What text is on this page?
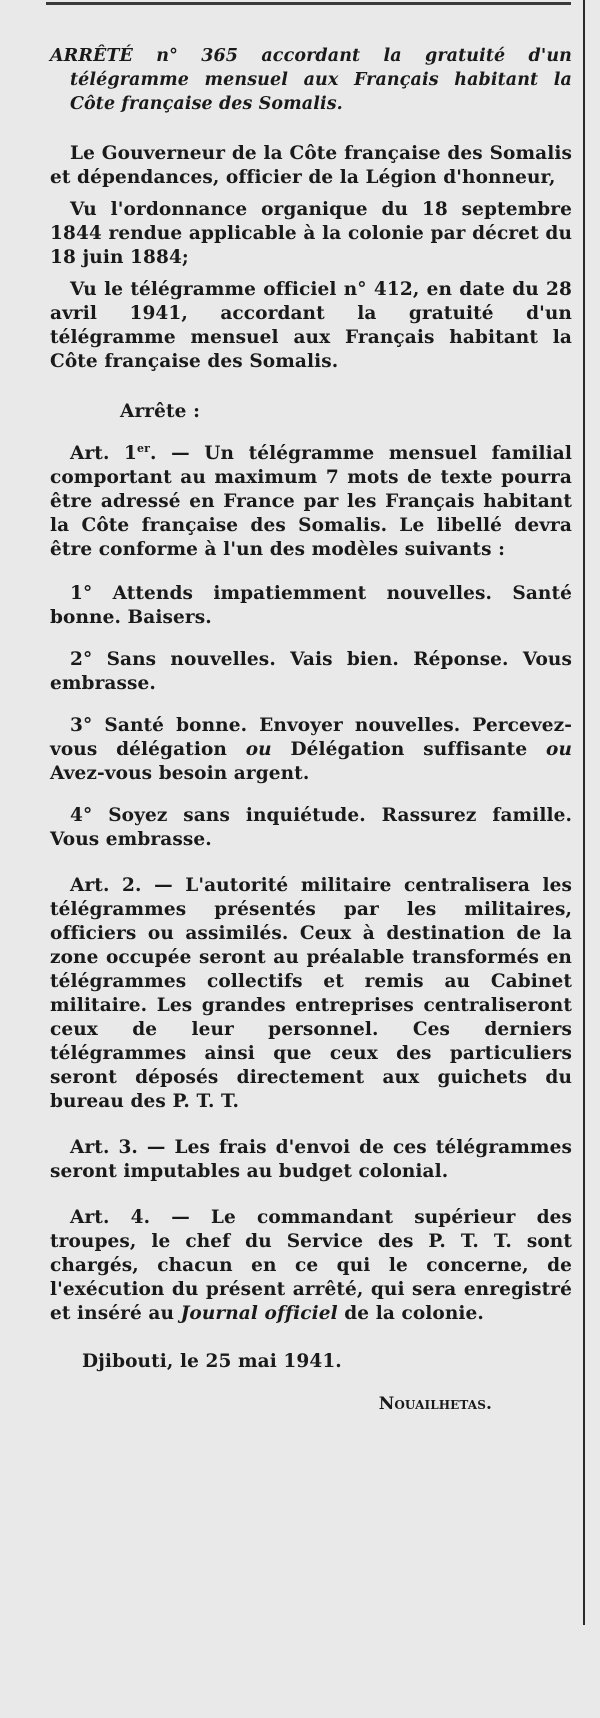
ARRÊTÉ n° 365 accordant la gratuité d'un télégramme mensuel aux Français habitant la Côte française des Somalis.

Le Gouverneur de la Côte française des Somalis et dépendances, officier de la Légion d'honneur,

Vu l'ordonnance organique du 18 septembre 1844 rendue applicable à la colonie par décret du 18 juin 1884;

Vu le télégramme officiel n° 412, en date du 28 avril 1941, accordant la gratuité d'un télégramme mensuel aux Français habitant la Côte française des Somalis.

Arrête :

Art. 1er. — Un télégramme mensuel familial comportant au maximum 7 mots de texte pourra être adressé en France par les Français habitant la Côte française des Somalis. Le libellé devra être conforme à l'un des modèles suivants :

1° Attends impatiemment nouvelles. Santé bonne. Baisers.

2° Sans nouvelles. Vais bien. Réponse. Vous embrasse.

3° Santé bonne. Envoyer nouvelles. Percevez-vous délégation ou Délégation suffisante ou Avez-vous besoin argent.

4° Soyez sans inquiétude. Rassurez famille. Vous embrasse.

Art. 2. — L'autorité militaire centralisera les télégrammes présentés par les militaires, officiers ou assimilés. Ceux à destination de la zone occupée seront au préalable transformés en télégrammes collectifs et remis au Cabinet militaire. Les grandes entreprises centraliseront ceux de leur personnel. Ces derniers télégrammes ainsi que ceux des particuliers seront déposés directement aux guichets du bureau des P. T. T.

Art. 3. — Les frais d'envoi de ces télégrammes seront imputables au budget colonial.

Art. 4. — Le commandant supérieur des troupes, le chef du Service des P. T. T. sont chargés, chacun en ce qui le concerne, de l'exécution du présent arrêté, qui sera enregistré et inséré au Journal officiel de la colonie.

Djibouti, le 25 mai 1941.

Nouailhetas.
